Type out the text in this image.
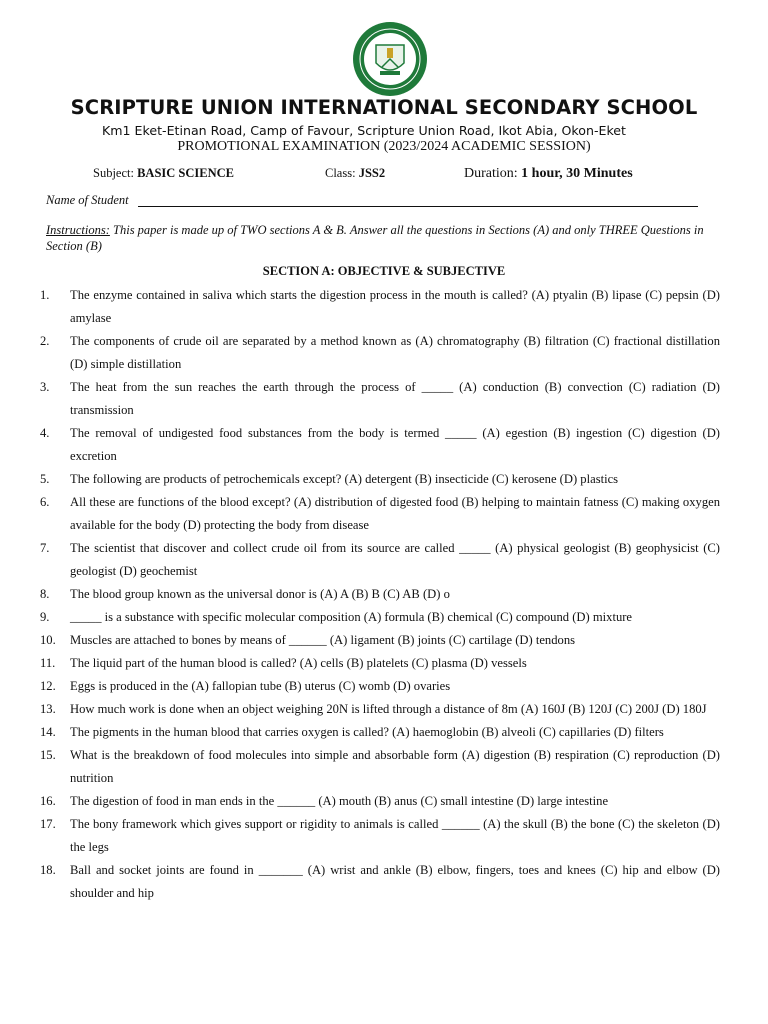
SCRIPTURE UNION INTERNATIONAL SECONDARY SCHOOL
Km1 Eket-Etinan Road, Camp of Favour, Scripture Union Road, Ikot Abia, Okon-Eket
PROMOTIONAL EXAMINATION (2023/2024 ACADEMIC SESSION)
Subject: BASIC SCIENCE	Class: JSS2	Duration: 1 hour, 30 Minutes
Name of Student
Instructions: This paper is made up of TWO sections A & B. Answer all the questions in Sections (A) and only THREE Questions in Section (B)
SECTION A: OBJECTIVE & SUBJECTIVE
1. The enzyme contained in saliva which starts the digestion process in the mouth is called? (A) ptyalin (B) lipase (C) pepsin (D) amylase
2. The components of crude oil are separated by a method known as (A) chromatography (B) filtration (C) fractional distillation (D) simple distillation
3. The heat from the sun reaches the earth through the process of _____ (A) conduction (B) convection (C) radiation (D) transmission
4. The removal of undigested food substances from the body is termed _____ (A) egestion (B) ingestion (C) digestion (D) excretion
5. The following are products of petrochemicals except? (A) detergent (B) insecticide (C) kerosene (D) plastics
6. All these are functions of the blood except? (A) distribution of digested food (B) helping to maintain fatness (C) making oxygen available for the body (D) protecting the body from disease
7. The scientist that discover and collect crude oil from its source are called _____ (A) physical geologist (B) geophysicist (C) geologist (D) geochemist
8. The blood group known as the universal donor is (A) A (B) B (C) AB (D) o
9. _____ is a substance with specific molecular composition (A) formula (B) chemical (C) compound (D) mixture
10. Muscles are attached to bones by means of ______ (A) ligament (B) joints (C) cartilage (D) tendons
11. The liquid part of the human blood is called? (A) cells (B) platelets (C) plasma (D) vessels
12. Eggs is produced in the (A) fallopian tube (B) uterus (C) womb (D) ovaries
13. How much work is done when an object weighing 20N is lifted through a distance of 8m (A) 160J (B) 120J (C) 200J (D) 180J
14. The pigments in the human blood that carries oxygen is called? (A) haemoglobin (B) alveoli (C) capillaries (D) filters
15. What is the breakdown of food molecules into simple and absorbable form (A) digestion (B) respiration (C) reproduction (D) nutrition
16. The digestion of food in man ends in the ______ (A) mouth (B) anus (C) small intestine (D) large intestine
17. The bony framework which gives support or rigidity to animals is called ______ (A) the skull (B) the bone (C) the skeleton (D) the legs
18. Ball and socket joints are found in _______ (A) wrist and ankle (B) elbow, fingers, toes and knees (C) hip and elbow (D) shoulder and hip
